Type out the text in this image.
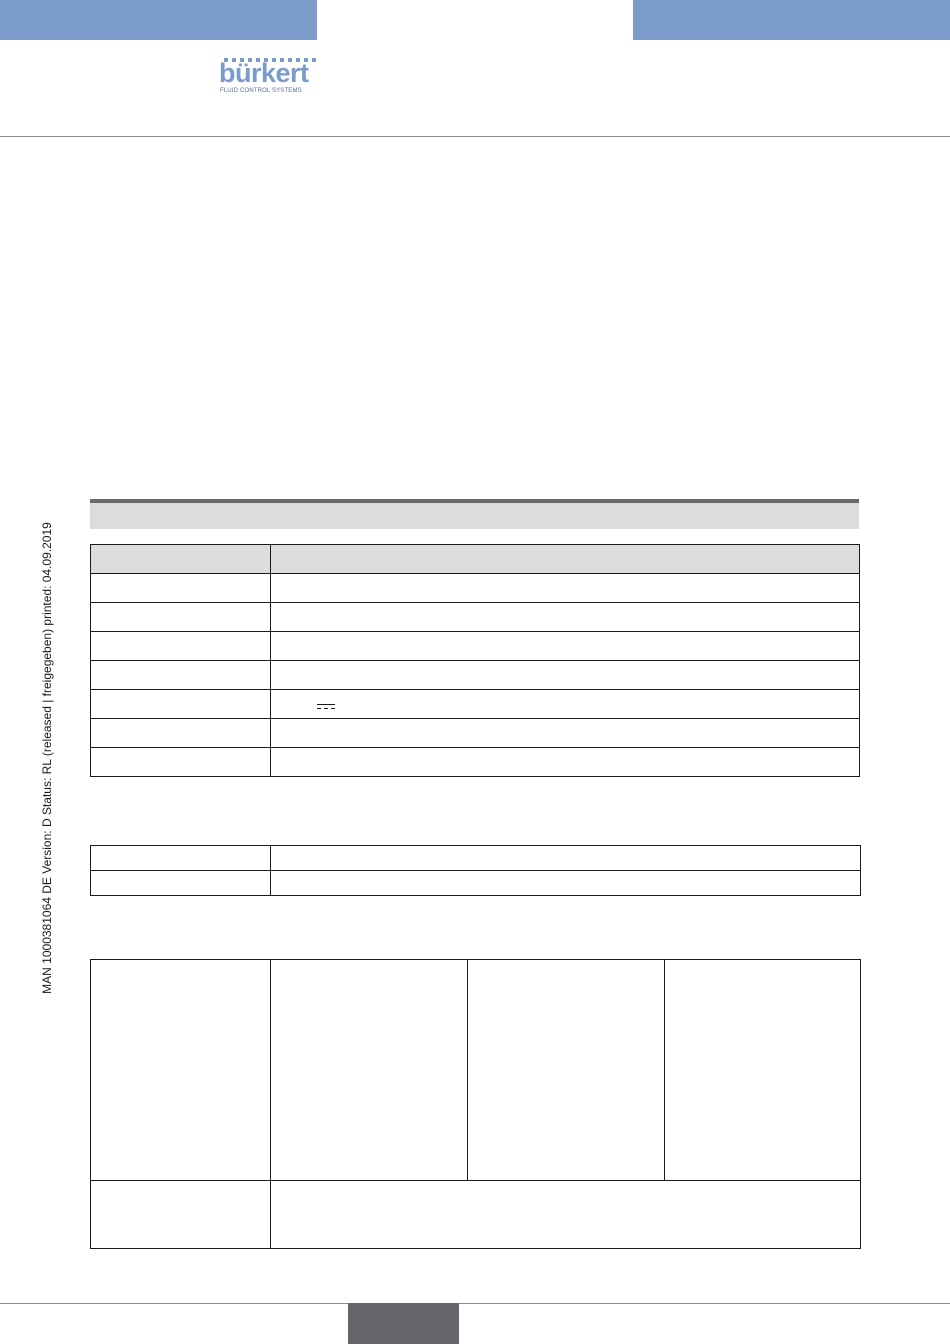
bürkert
FLUID CONTROL SYSTEMS
MAN 1000381064 DE Version: D Status: RL (released | freigegeben) printed: 04.09.2019
